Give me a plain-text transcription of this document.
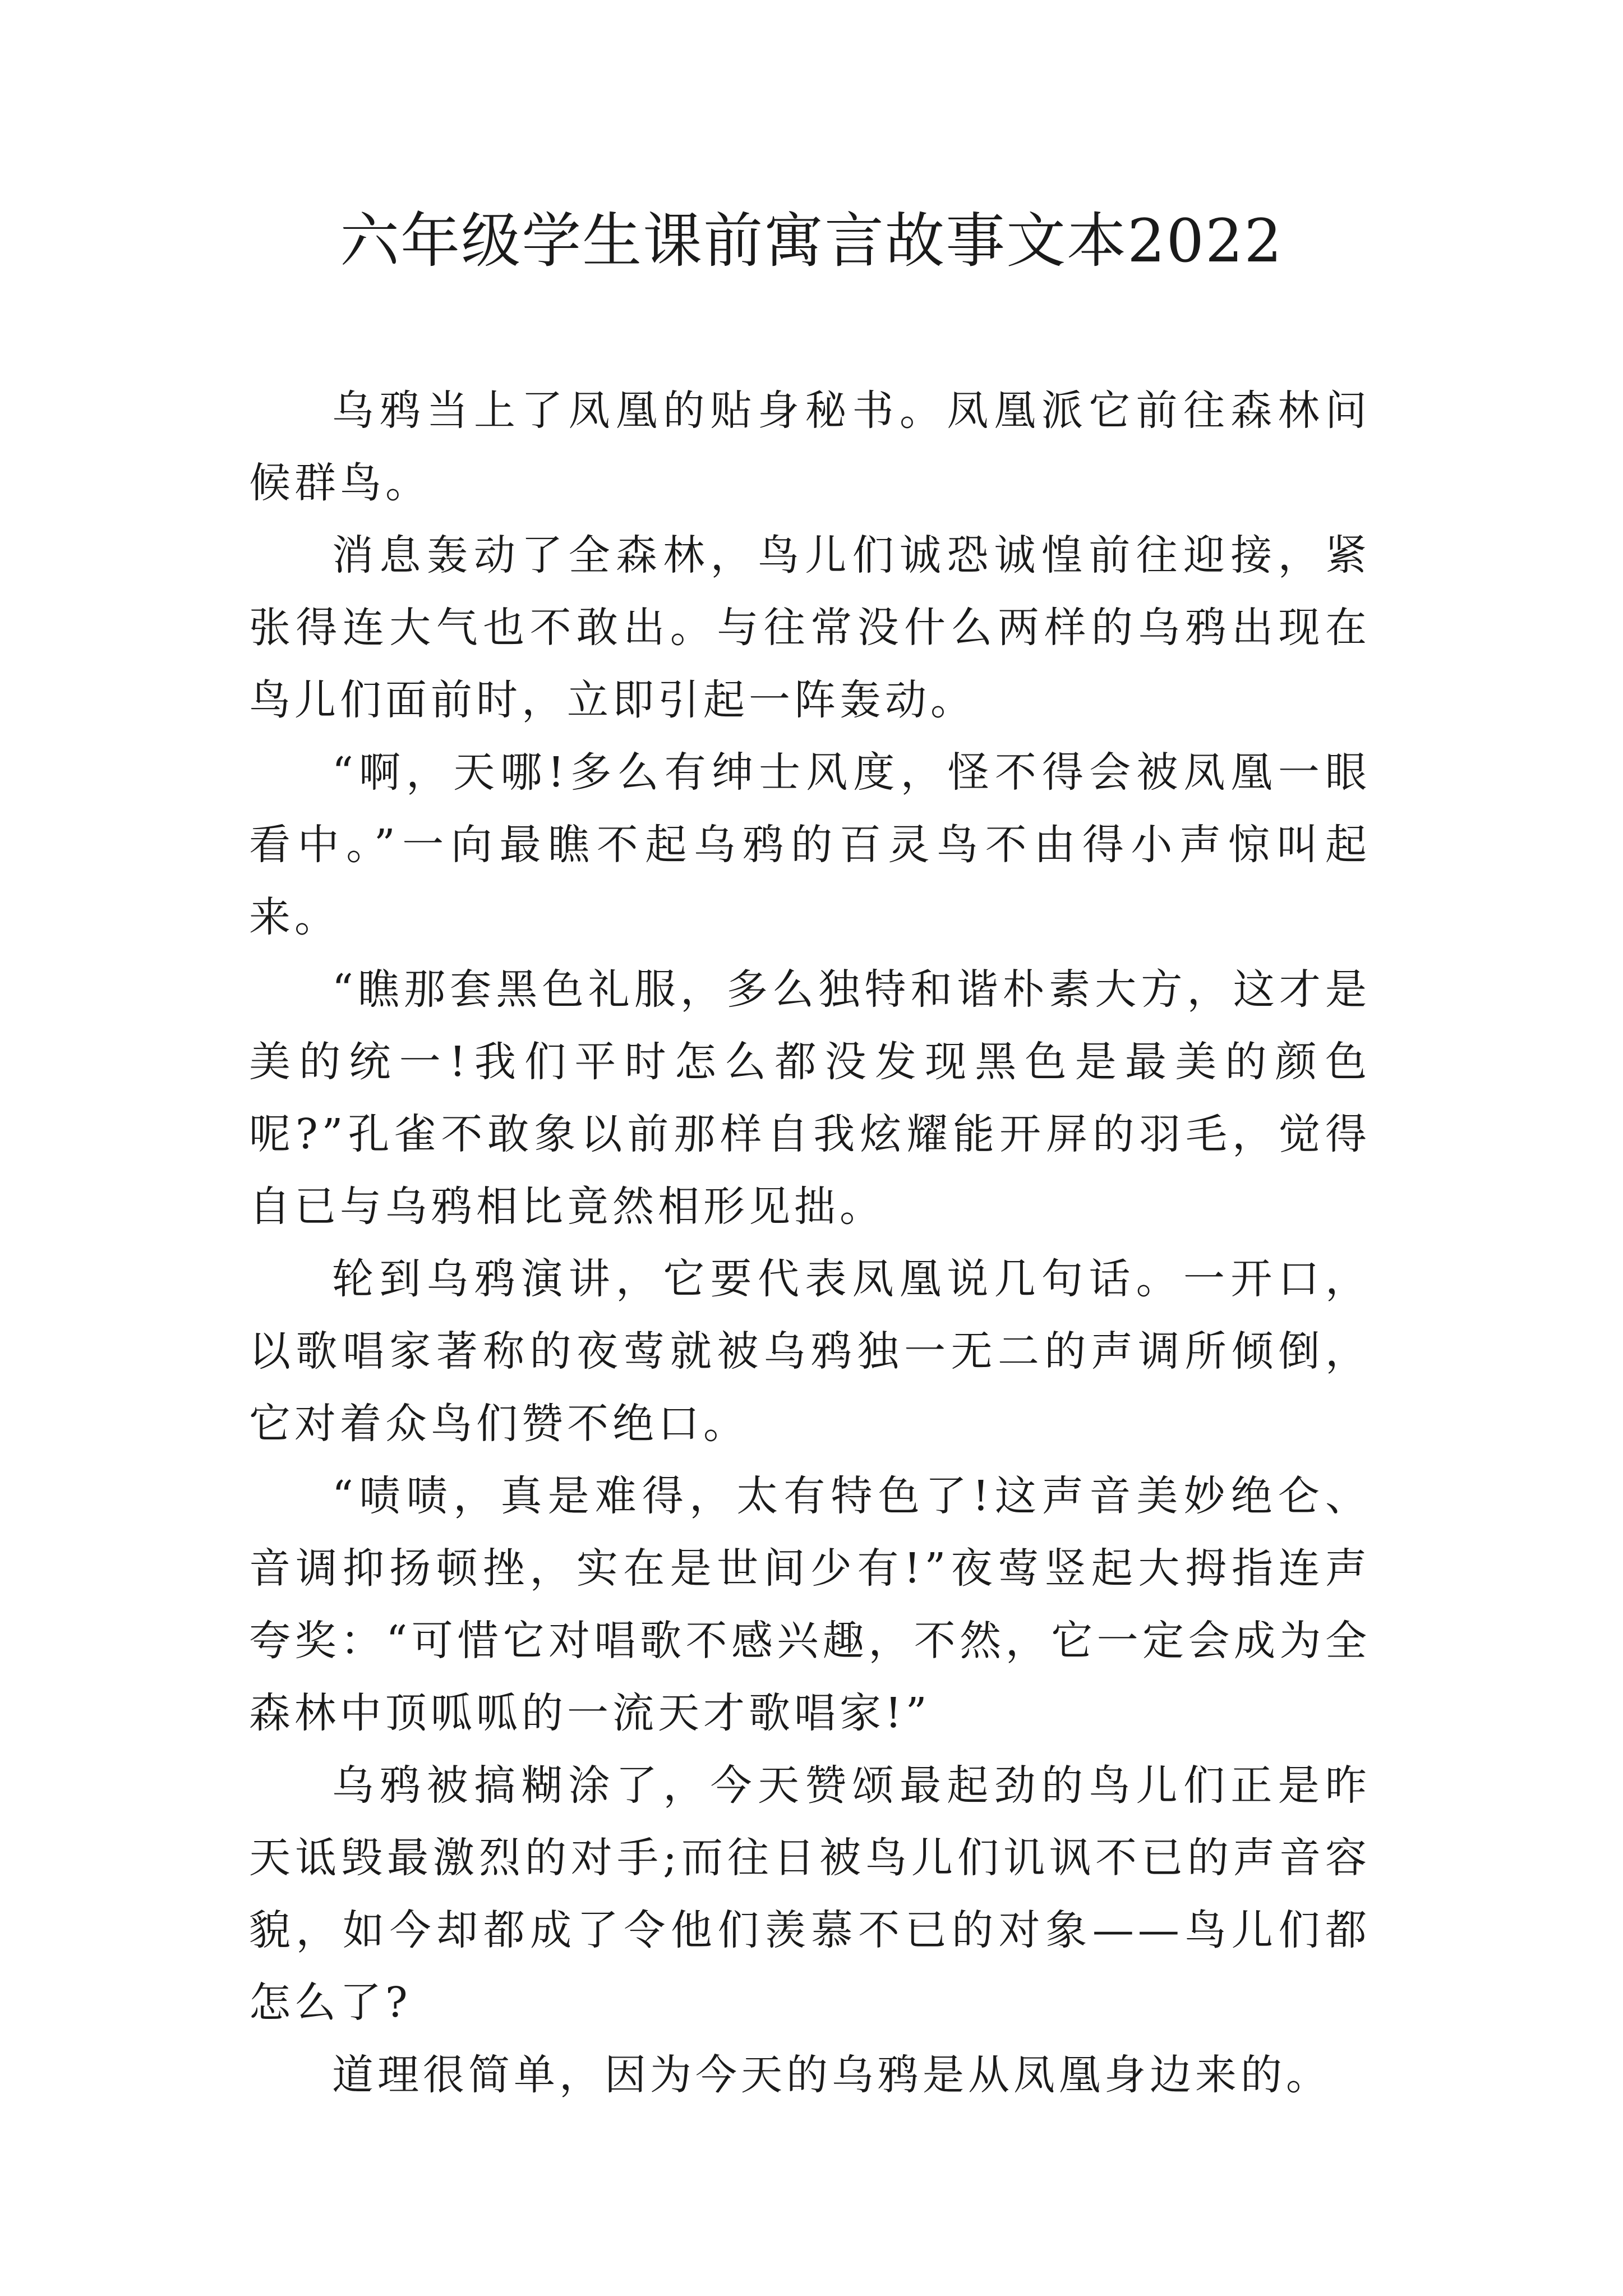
六年级学生课前寓言故事文本2022

乌鸦当上了凤凰的贴身秘书。凤凰派它前往森林问候群鸟。

消息轰动了全森林，鸟儿们诚恐诚惶前往迎接，紧张得连大气也不敢出。与往常没什么两样的乌鸦出现在鸟儿们面前时，立即引起一阵轰动。

“啊，天哪!多么有绅士风度，怪不得会被凤凰一眼看中。”一向最瞧不起乌鸦的百灵鸟不由得小声惊叫起来。

“瞧那套黑色礼服，多么独特和谐朴素大方，这才是美的统一!我们平时怎么都没发现黑色是最美的颜色呢?”孔雀不敢象以前那样自我炫耀能开屏的羽毛，觉得自已与乌鸦相比竟然相形见拙。

轮到乌鸦演讲，它要代表凤凰说几句话。一开口，以歌唱家著称的夜莺就被乌鸦独一无二的声调所倾倒，它对着众鸟们赞不绝口。

“啧啧，真是难得，太有特色了!这声音美妙绝仑、音调抑扬顿挫，实在是世间少有!”夜莺竖起大拇指连声夸奖：“可惜它对唱歌不感兴趣，不然，它一定会成为全森林中顶呱呱的一流天才歌唱家!”

乌鸦被搞糊涂了，今天赞颂最起劲的鸟儿们正是昨天诋毁最激烈的对手;而往日被鸟儿们讥讽不已的声音容貌，如今却都成了令他们羡慕不已的对象——鸟儿们都怎么了?

道理很简单，因为今天的乌鸦是从凤凰身边来的。
